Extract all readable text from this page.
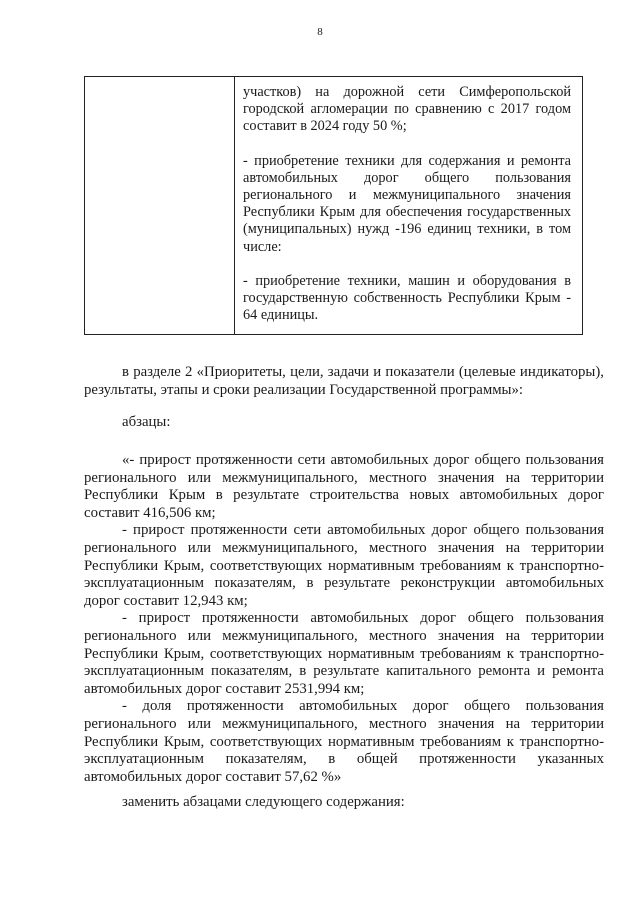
8

участков) на дорожной сети Симферопольской городской агломерации по сравнению с 2017 годом составит в 2024 году 50 %;

- приобретение техники для содержания и ремонта автомобильных дорог общего пользования регионального и межмуниципального значения Республики Крым для обеспечения государственных (муниципальных) нужд -196 единиц техники, в том числе:

- приобретение техники, машин и оборудования в государственную собственность Республики Крым - 64 единицы.

в разделе 2 «Приоритеты, цели, задачи и показатели (целевые индикаторы), результаты, этапы и сроки реализации Государственной программы»:

абзацы:

«- прирост протяженности сети автомобильных дорог общего пользования регионального или межмуниципального, местного значения на территории Республики Крым в результате строительства новых автомобильных дорог составит 416,506 км;

- прирост протяженности сети автомобильных дорог общего пользования регионального или межмуниципального, местного значения на территории Республики Крым, соответствующих нормативным требованиям к транспортно-эксплуатационным показателям, в результате реконструкции автомобильных дорог составит 12,943 км;

- прирост протяженности автомобильных дорог общего пользования регионального или межмуниципального, местного значения на территории Республики Крым, соответствующих нормативным требованиям к транспортно-эксплуатационным показателям, в результате капитального ремонта и ремонта автомобильных дорог составит 2531,994 км;

- доля протяженности автомобильных дорог общего пользования регионального или межмуниципального, местного значения на территории Республики Крым, соответствующих нормативным требованиям к транспортно-эксплуатационным показателям, в общей протяженности указанных автомобильных дорог составит 57,62 %»

заменить абзацами следующего содержания:
